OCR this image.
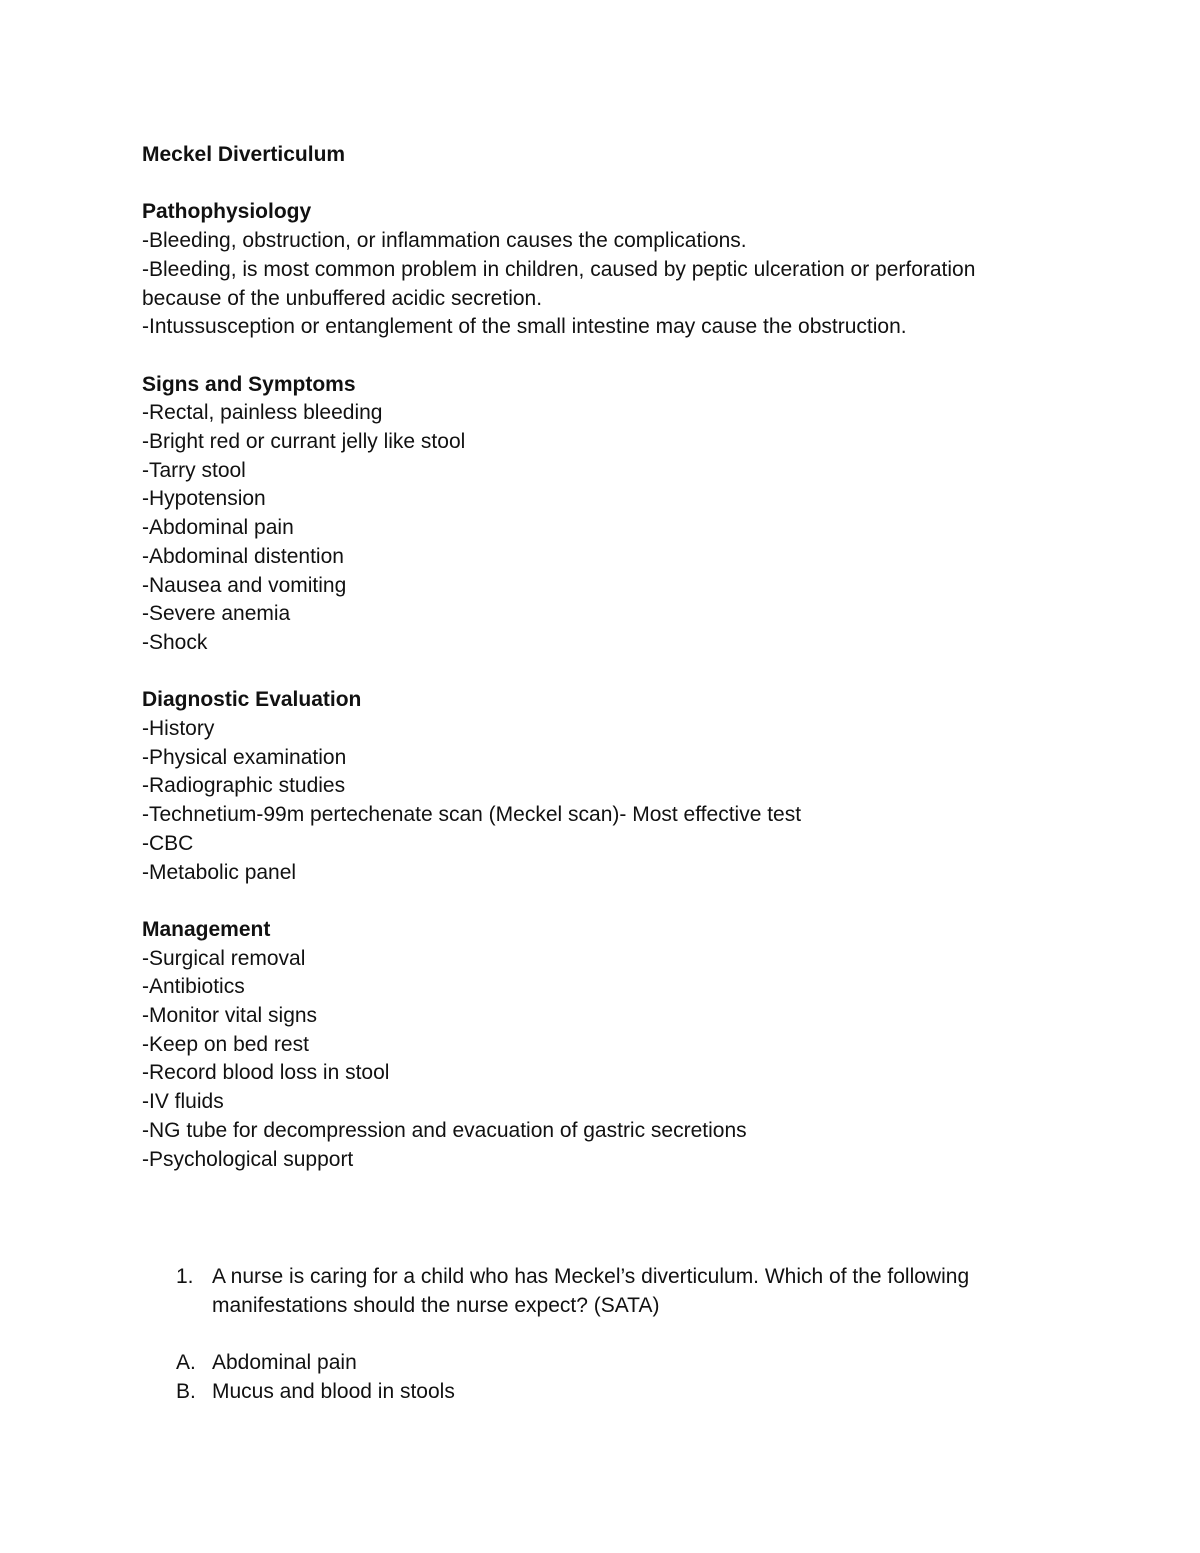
Meckel Diverticulum

Pathophysiology

-Bleeding, obstruction, or inflammation causes the complications.

-Bleeding, is most common problem in children, caused by peptic ulceration or perforation because of the unbuffered acidic secretion.

-Intussusception or entanglement of the small intestine may cause the obstruction.

Signs and Symptoms

-Rectal, painless bleeding

-Bright red or currant jelly like stool

-Tarry stool

-Hypotension

-Abdominal pain

-Abdominal distention

-Nausea and vomiting

-Severe anemia

-Shock

Diagnostic Evaluation

-History

-Physical examination

-Radiographic studies

-Technetium-99m pertechenate scan (Meckel scan)- Most effective test

-CBC

-Metabolic panel

Management

-Surgical removal

-Antibiotics

-Monitor vital signs

-Keep on bed rest

-Record blood loss in stool

-IV fluids

-NG tube for decompression and evacuation of gastric secretions

-Psychological support

1. A nurse is caring for a child who has Meckel’s diverticulum. Which of the following manifestations should the nurse expect? (SATA)
A. Abdominal pain
B. Mucus and blood in stools
